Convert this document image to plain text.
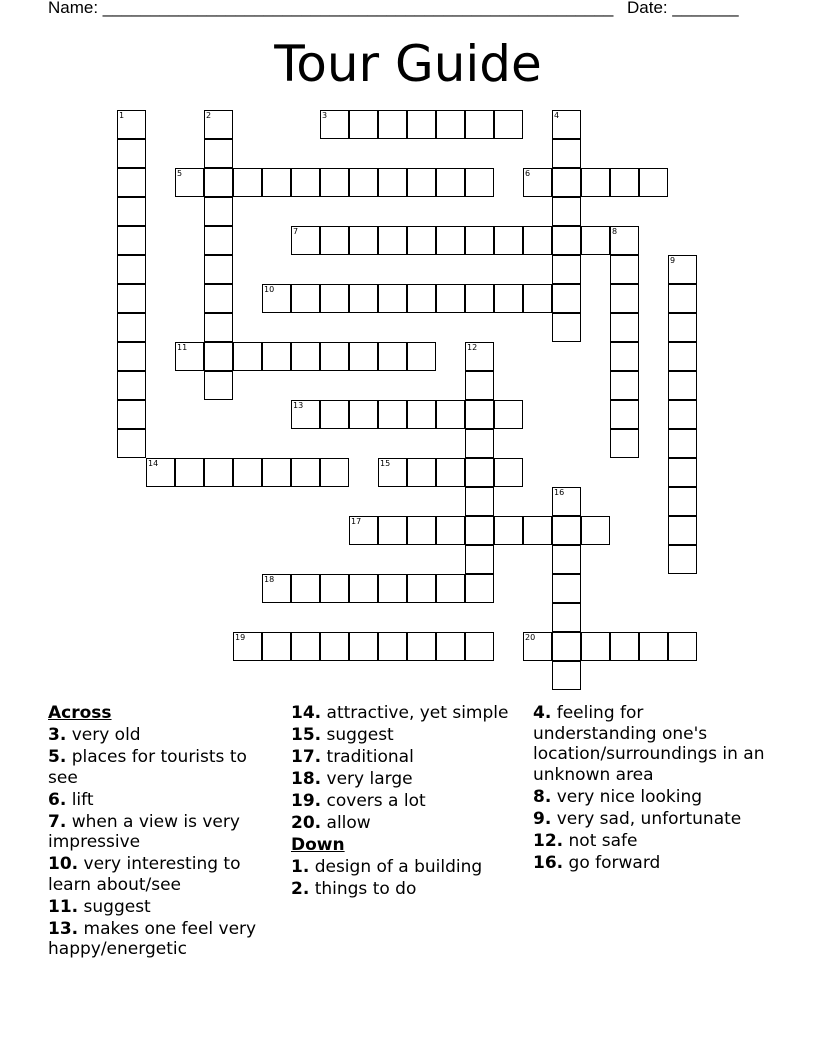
Name: ______________________________________________________ Date: _______
Tour Guide
1	2	3	4
5	6
7	8
9
10
11	12
13
14	15
16
17
18
19	20

Across

3. very old

5. places for tourists to see

6. lift

7. when a view is very impressive

10. very interesting to learn about/see

11. suggest

13. makes one feel very happy/energetic

14. attractive, yet simple

15. suggest

17. traditional

18. very large

19. covers a lot

20. allow

Down

1. design of a building

2. things to do

4. feeling for understanding one's location/surroundings in an unknown area

8. very nice looking

9. very sad, unfortunate

12. not safe

16. go forward
